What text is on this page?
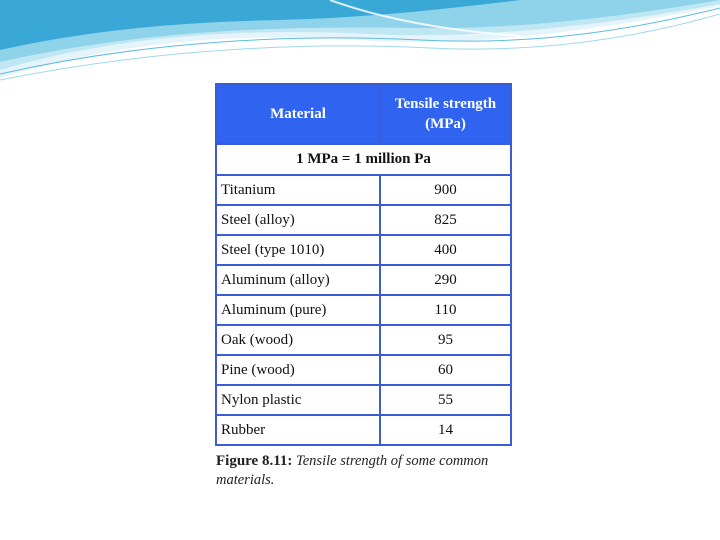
Material	Tensile strength
(MPa)
1 MPa = 1 million Pa	
Titanium	900
Steel (alloy)	825
Steel (type 1010)	400
Aluminum (alloy)	290
Aluminum (pure)	110
Oak (wood)	95
Pine (wood)	60
Nylon plastic	55
Rubber	14
Figure 8.11: Tensile strength of some common materials.
